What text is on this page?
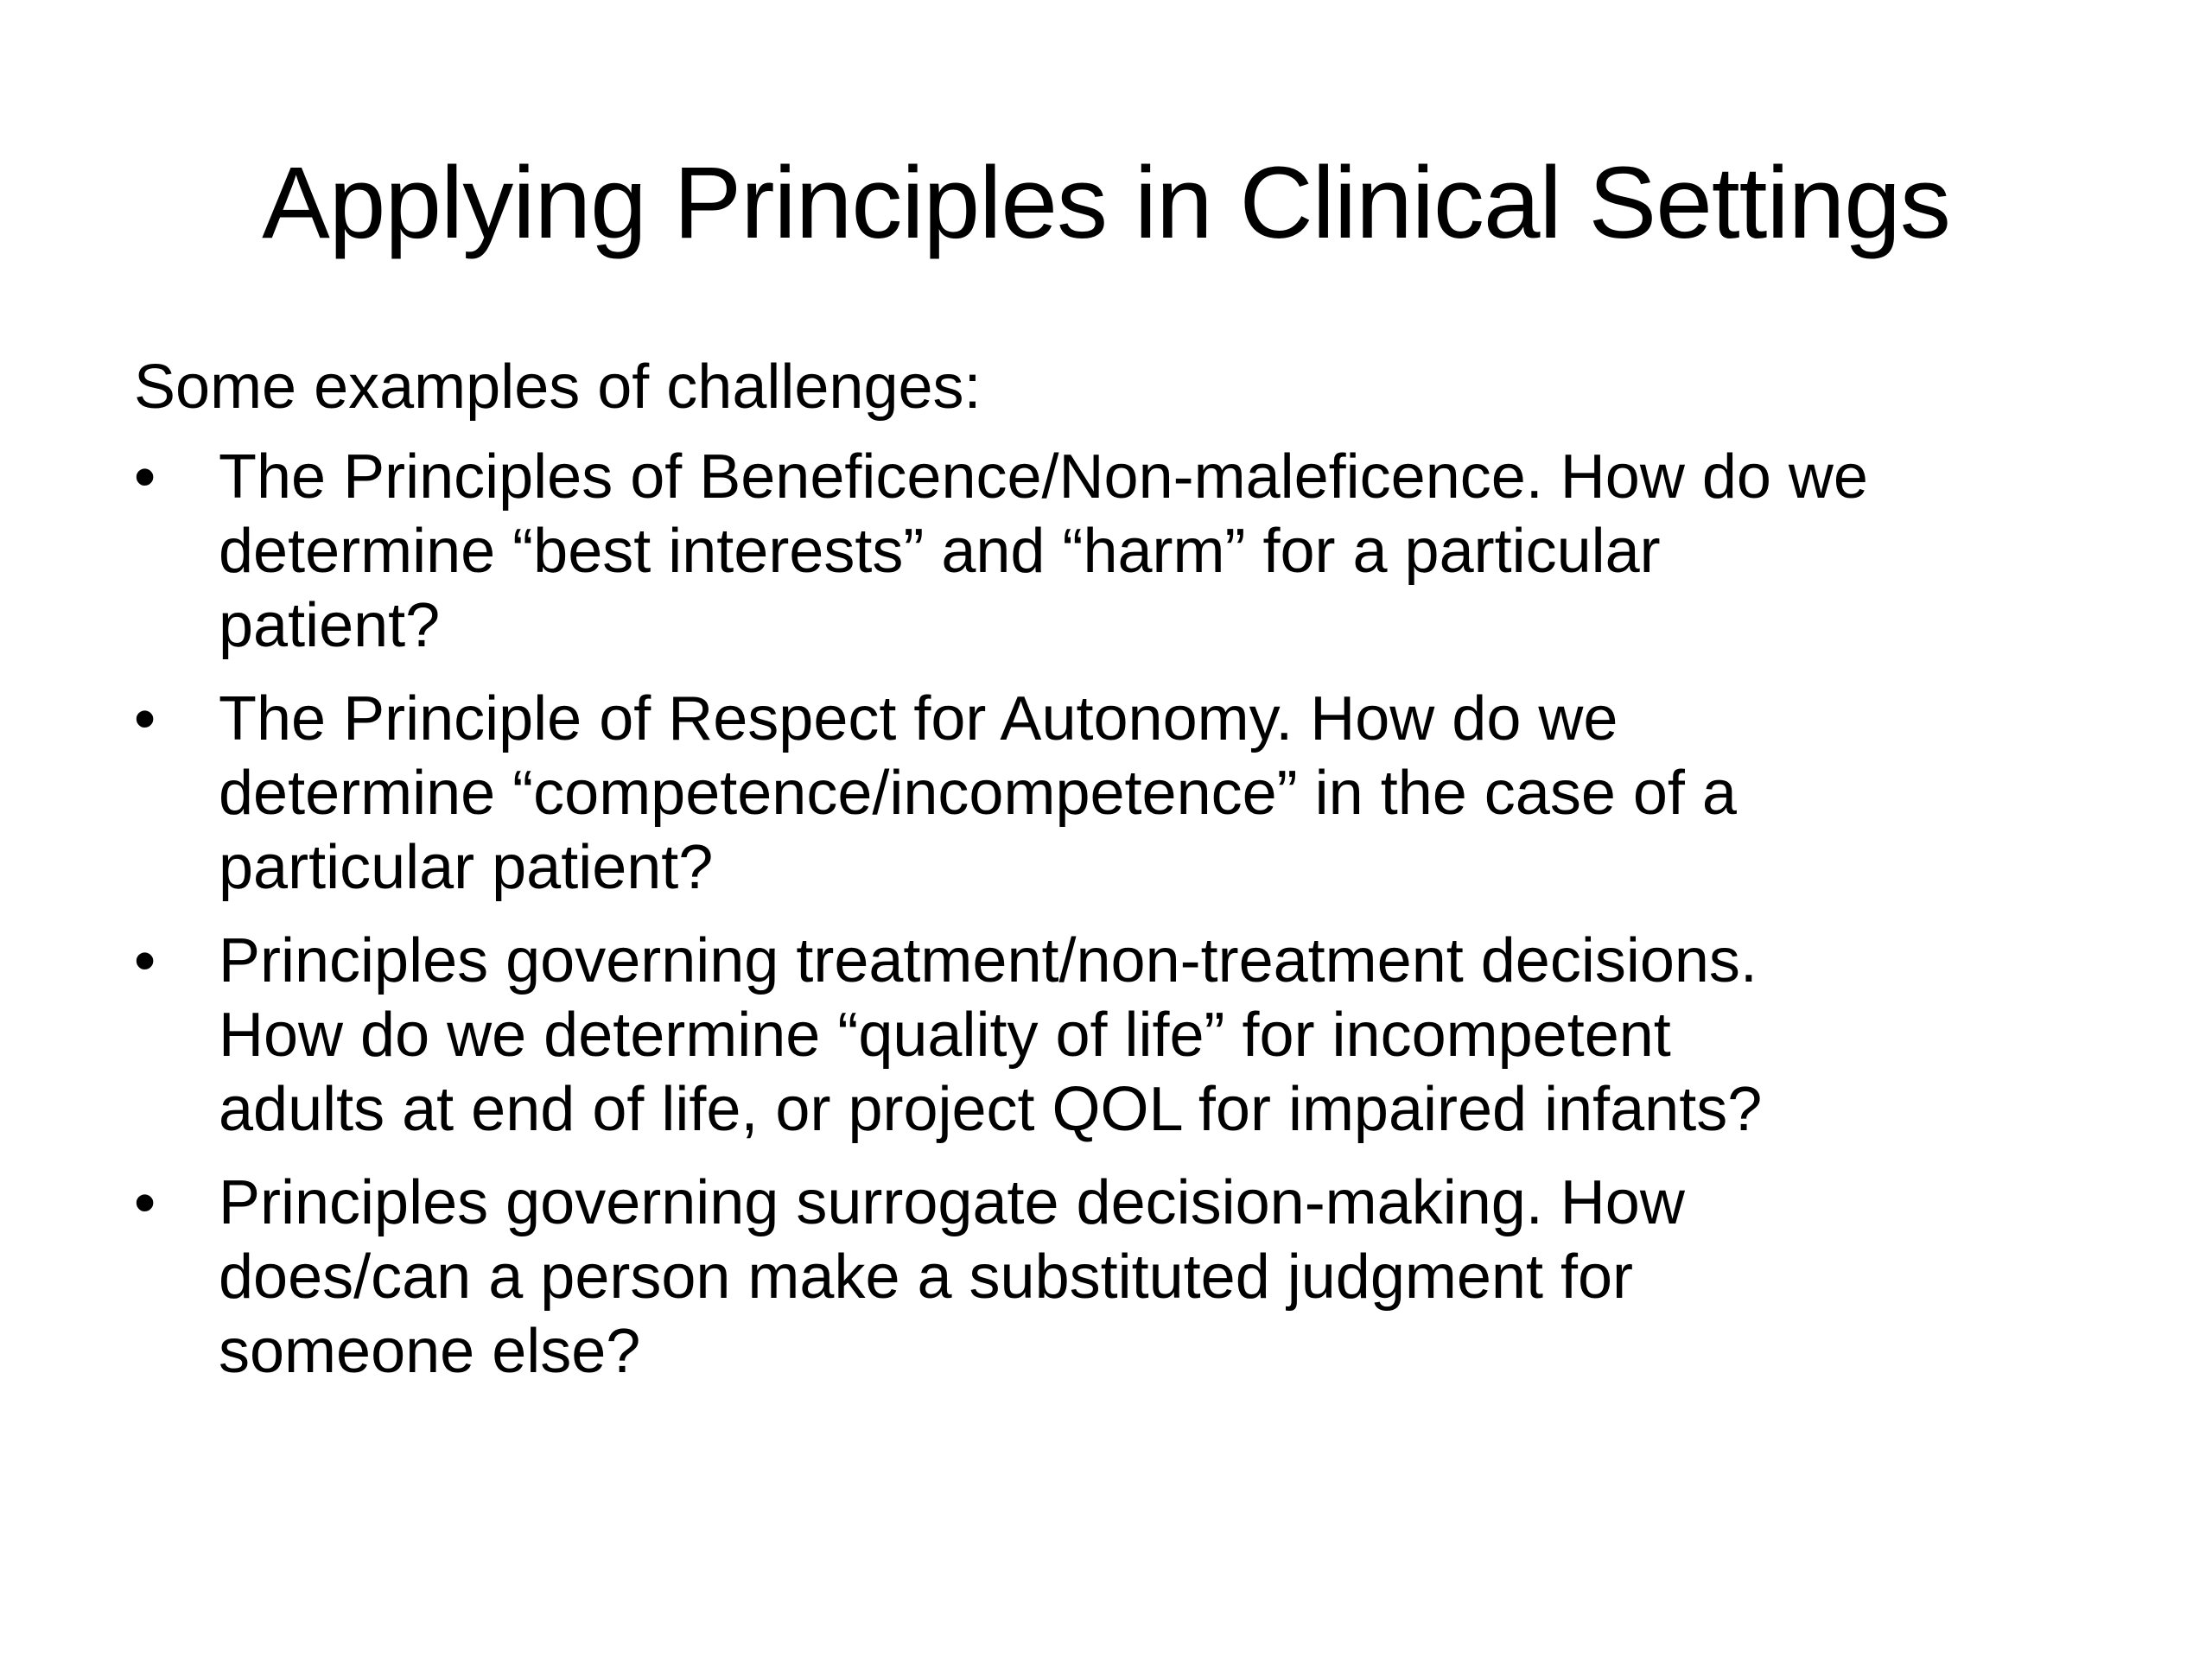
Applying Principles in Clinical Settings

Some examples of challenges:

•	The Principles of Beneficence/Non-maleficence. How do we
determine “best interests” and “harm” for a particular
patient?
•	The Principle of Respect for Autonomy. How do we
determine “competence/incompetence” in the case of a
particular patient?
•	Principles governing treatment/non-treatment decisions.
How do we determine “quality of life” for incompetent
adults at end of life, or project QOL for impaired infants?
•	Principles governing surrogate decision-making. How
does/can a person make a substituted judgment for
someone else?
